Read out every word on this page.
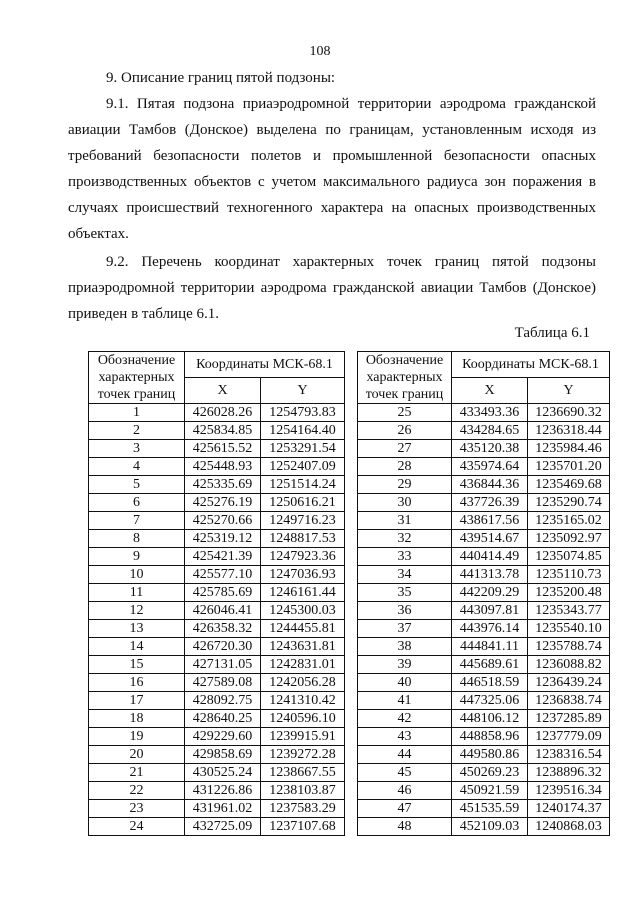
108
9. Описание границ пятой подзоны:

9.1. Пятая подзона приаэродромной территории аэродрома гражданской авиации Тамбов (Донское) выделена по границам, установленным исходя из требований безопасности полетов и промышленной безопасности опасных производственных объектов с учетом максимального радиуса зон поражения в случаях происшествий техногенного характера на опасных производственных объектах.

9.2. Перечень координат характерных точек границ пятой подзоны приаэродромной территории аэродрома гражданской авиации Тамбов (Донское) приведен в таблице 6.1.

Таблица 6.1
Обозначение характерных точек границ	Координаты МСК-68.1	
	X	Y
1	426028.26	1254793.83
2	425834.85	1254164.40
3	425615.52	1253291.54
4	425448.93	1252407.09
5	425335.69	1251514.24
6	425276.19	1250616.21
7	425270.66	1249716.23
8	425319.12	1248817.53
9	425421.39	1247923.36
10	425577.10	1247036.93
11	425785.69	1246161.44
12	426046.41	1245300.03
13	426358.32	1244455.81
14	426720.30	1243631.81
15	427131.05	1242831.01
16	427589.08	1242056.28
17	428092.75	1241310.42
18	428640.25	1240596.10
19	429229.60	1239915.91
20	429858.69	1239272.28
21	430525.24	1238667.55
22	431226.86	1238103.87
23	431961.02	1237583.29
24	432725.09	1237107.68
Обозначение характерных точек границ	Координаты МСК-68.1	
	X	Y
25	433493.36	1236690.32
26	434284.65	1236318.44
27	435120.38	1235984.46
28	435974.64	1235701.20
29	436844.36	1235469.68
30	437726.39	1235290.74
31	438617.56	1235165.02
32	439514.67	1235092.97
33	440414.49	1235074.85
34	441313.78	1235110.73
35	442209.29	1235200.48
36	443097.81	1235343.77
37	443976.14	1235540.10
38	444841.11	1235788.74
39	445689.61	1236088.82
40	446518.59	1236439.24
41	447325.06	1236838.74
42	448106.12	1237285.89
43	448858.96	1237779.09
44	449580.86	1238316.54
45	450269.23	1238896.32
46	450921.59	1239516.34
47	451535.59	1240174.37
48	452109.03	1240868.03
